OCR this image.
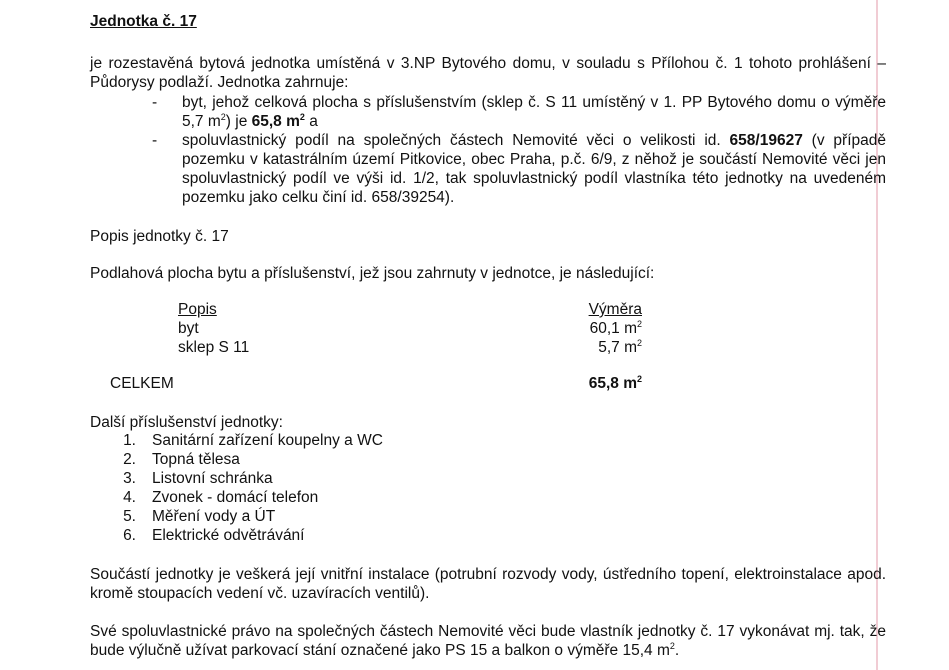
Jednotka č. 17
je rozestavěná bytová jednotka umístěná v 3.NP Bytového domu, v souladu s Přílohou č. 1 tohoto prohlášení – Půdorysy podlaží. Jednotka zahrnuje:
- byt, jehož celková plocha s příslušenstvím (sklep č. S 11 umístěný v 1. PP Bytového domu o výměře 5,7 $m^2$) je 65,8 $m^2$ a
- spoluvlastnický podíl na společných částech Nemovité věci o velikosti id. 658/19627 (v případě pozemku v katastrálním území Pitkovice, obec Praha, p.č. 6/9, z něhož je součástí Nemovité věci jen spoluvlastnický podíl ve výši id. 1/2, tak spoluvlastnický podíl vlastníka této jednotky na uvedeném pozemku jako celku činí id. 658/39254).
Popis jednotky č. 17
Podlahová plocha bytu a příslušenství, jež jsou zahrnuty v jednotce, je následující:
Popis	Výměra
byt	60,1 $m^2$
sklep S 11	5,7 $m^2$
CELKEM	65,8 $m^2$
Další příslušenství jednotky:
1. Sanitární zařízení koupelny a WC
2. Topná tělesa
3. Listovní schránka
4. Zvonek - domácí telefon
5. Měření vody a ÚT
6. Elektrické odvětrávání
Součástí jednotky je veškerá její vnitřní instalace (potrubní rozvody vody, ústředního topení, elektroinstalace apod. kromě stoupacích vedení vč. uzavíracích ventilů).
Své spoluvlastnické právo na společných částech Nemovité věci bude vlastník jednotky č. 17 vykonávat mj. tak, že bude výlučně užívat parkovací stání označené jako PS 15 a balkon o výměře 15,4 $m^2$.
